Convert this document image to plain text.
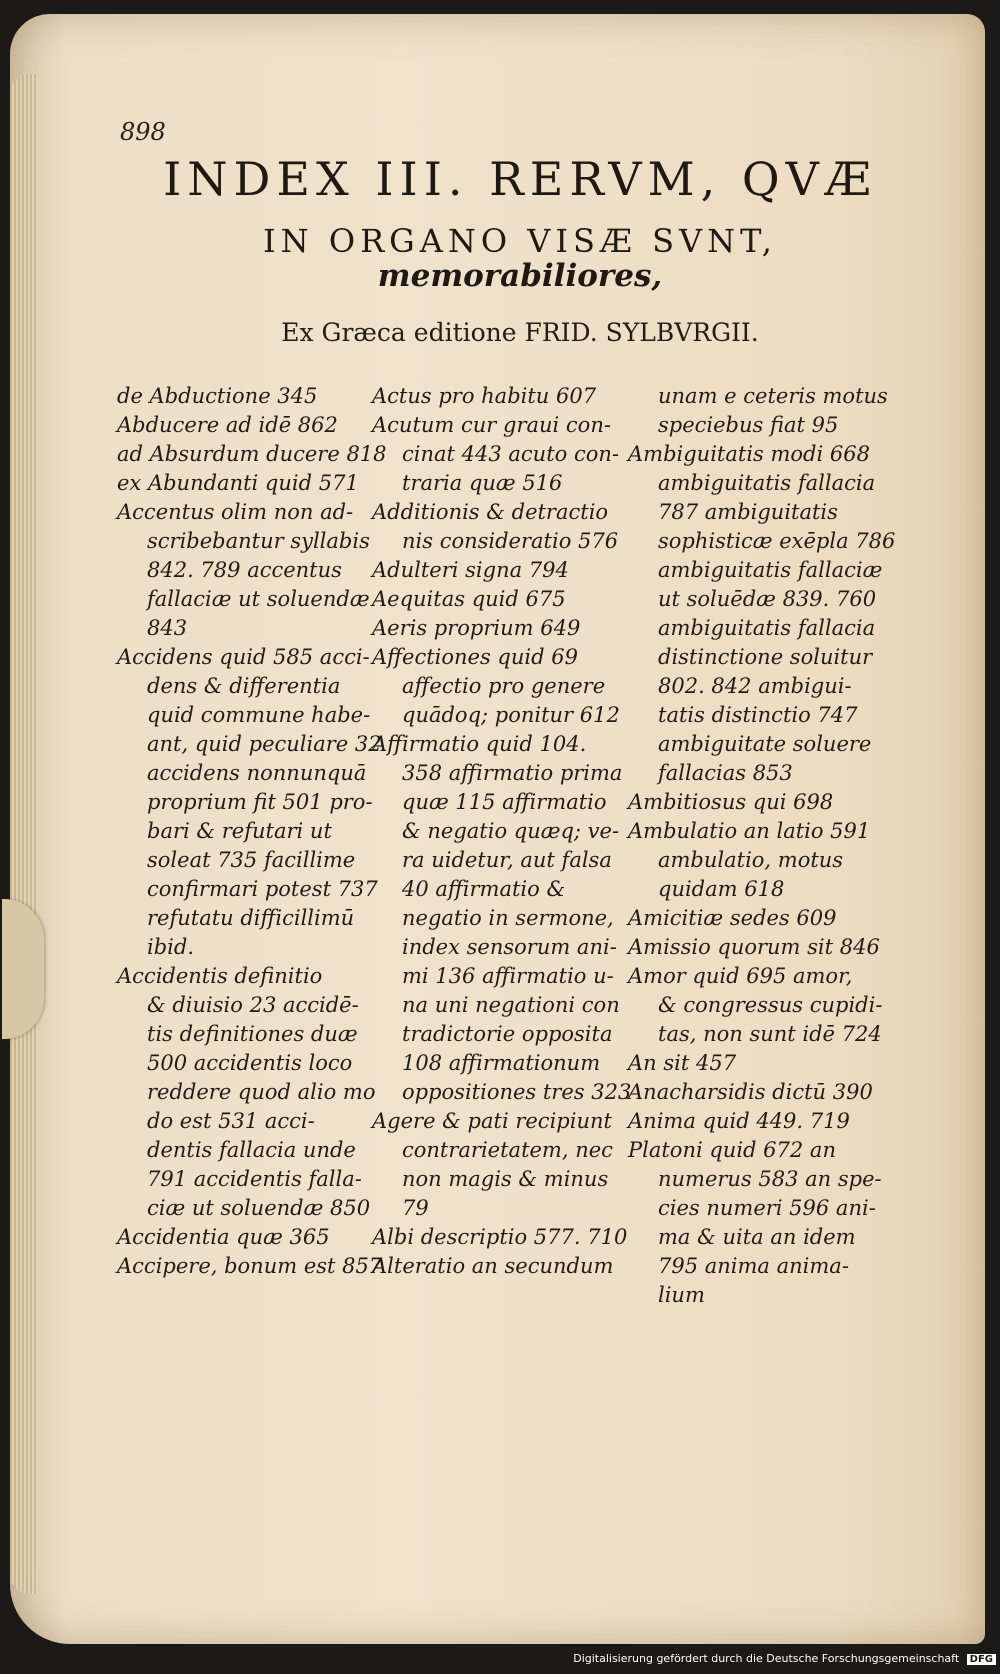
898
INDEX III. RERVM, QVÆ
IN ORGANO VISÆ SVNT,
memorabiliores,
Ex Græca editione FRID. SYLBVRGII.
de Abductione 345
Abducere ad idē 862
ad Absurdum ducere 818
ex Abundanti quid 571
Accentus olim non ad-
scribebantur syllabis
842. 789 accentus
fallaciæ ut soluendæ
843
Accidens quid 585 acci-
dens & differentia
quid commune habe-
ant, quid peculiare 32
accidens nonnunquā
proprium fit 501 pro-
bari & refutari ut
soleat 735 facillime
confirmari potest 737
refutatu difficillimū
ibid.
Accidentis definitio
& diuisio 23 accidē-
tis definitiones duæ
500 accidentis loco
reddere quod alio mo
do est 531 acci-
dentis fallacia unde
791 accidentis falla-
ciæ ut soluendæ 850
Accidentia quæ 365
Accipere, bonum est 857
Actus pro habitu 607
Acutum cur graui con-
cinat 443 acuto con-
traria quæ 516
Additionis & detractio
nis consideratio 576
Adulteri signa 794
Aequitas quid 675
Aeris proprium 649
Affectiones quid 69
affectio pro genere
quādoq; ponitur 612
Affirmatio quid 104.
358 affirmatio prima
quæ 115 affirmatio
& negatio quæq; ve-
ra uidetur, aut falsa
40 affirmatio &
negatio in sermone,
index sensorum ani-
mi 136 affirmatio u-
na uni negationi con
tradictorie opposita
108 affirmationum
oppositiones tres 323
Agere & pati recipiunt
contrarietatem, nec
non magis & minus
79
Albi descriptio 577. 710
Alteratio an secundum
unam e ceteris motus
speciebus fiat 95
Ambiguitatis modi 668
ambiguitatis fallacia
787 ambiguitatis
sophisticæ exēpla 786
ambiguitatis fallaciæ
ut soluēdæ 839. 760
ambiguitatis fallacia
distinctione soluitur
802. 842 ambigui-
tatis distinctio 747
ambiguitate soluere
fallacias 853
Ambitiosus qui 698
Ambulatio an latio 591
ambulatio, motus
quidam 618
Amicitiæ sedes 609
Amissio quorum sit 846
Amor quid 695 amor,
& congressus cupidi-
tas, non sunt idē 724
An sit 457
Anacharsidis dictū 390
Anima quid 449. 719
Platoni quid 672 an
numerus 583 an spe-
cies numeri 596 ani-
ma & uita an idem
795 anima anima-
lium
Digitalisierung gefördert durch die Deutsche Forschungsgemeinschaft DFG
